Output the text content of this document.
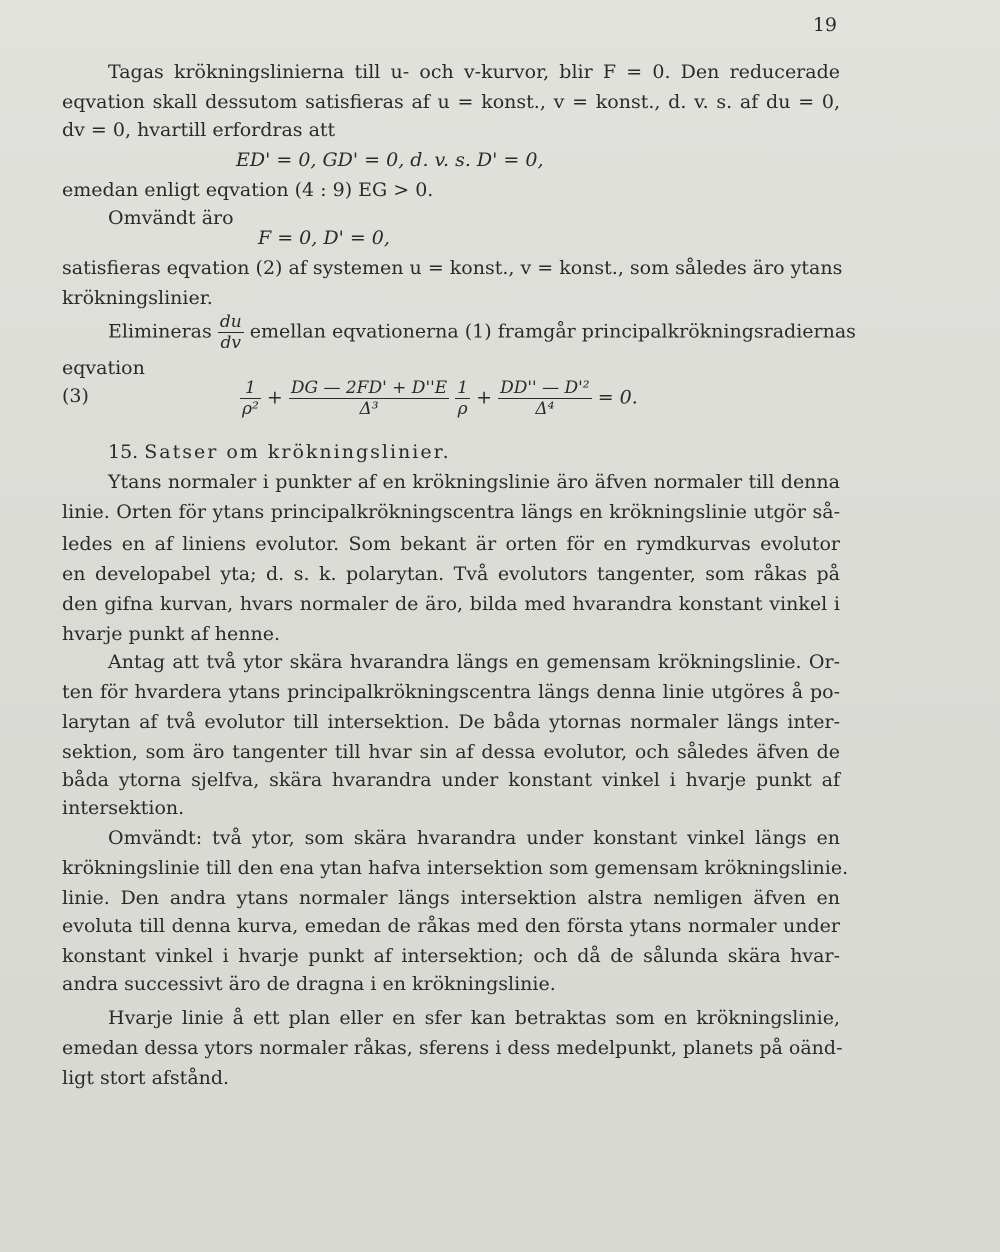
19
Tagas krökningslinierna till u- och v-kurvor, blir F = 0. Den reducerade
eqvation skall dessutom satisfieras af u = konst., v = konst., d. v. s. af du = 0,
dv = 0, hvartill erfordras att
ED' = 0, GD' = 0, d. v. s. D' = 0,
emedan enligt eqvation (4 : 9) EG > 0.
Omvändt äro
F = 0, D' = 0,
satisfieras eqvation (2) af systemen u = konst., v = konst., som således äro ytans
krökningslinier.
Elimineras $\frac{du}{dv}$ emellan eqvationerna (1) framgår principalkrökningsradiernas
eqvation
(3)	$\frac{1}{\text{ρ²}} + \frac{DG — 2FD' + D''E}{\text{Δ³}}$
$\frac{1}{\rho} + \frac{\text{DD'' — D'²}}{\text{Δ⁴}} = 0$.
15. Satser om krökningslinier.
Ytans normaler i punkter af en krökningslinie äro äfven normaler till denna
linie. Orten för ytans principalkrökningscentra längs en krökningslinie utgör så-
ledes en af liniens evolutor. Som bekant är orten för en rymdkurvas evolutor
en developabel yta; d. s. k. polarytan. Två evolutors tangenter, som råkas på
den gifna kurvan, hvars normaler de äro, bilda med hvarandra konstant vinkel i
hvarje punkt af henne.
Antag att två ytor skära hvarandra längs en gemensam krökningslinie. Or-
ten för hvardera ytans principalkrökningscentra längs denna linie utgöres å po-
larytan af två evolutor till intersektion. De båda ytornas normaler längs inter-
sektion, som äro tangenter till hvar sin af dessa evolutor, och således äfven de
båda ytorna sjelfva, skära hvarandra under konstant vinkel i hvarje punkt af
intersektion.
Omvändt: två ytor, som skära hvarandra under konstant vinkel längs en
krökningslinie till den ena ytan hafva intersektion som gemensam krökningslinie.
linie. Den andra ytans normaler längs intersektion alstra nemligen äfven en
evoluta till denna kurva, emedan de råkas med den första ytans normaler under
konstant vinkel i hvarje punkt af intersektion; och då de sålunda skära hvar-
andra successivt äro de dragna i en krökningslinie.
Hvarje linie å ett plan eller en sfer kan betraktas som en krökningslinie,
emedan dessa ytors normaler råkas, sferens i dess medelpunkt, planets på oänd-
ligt stort afstånd.
